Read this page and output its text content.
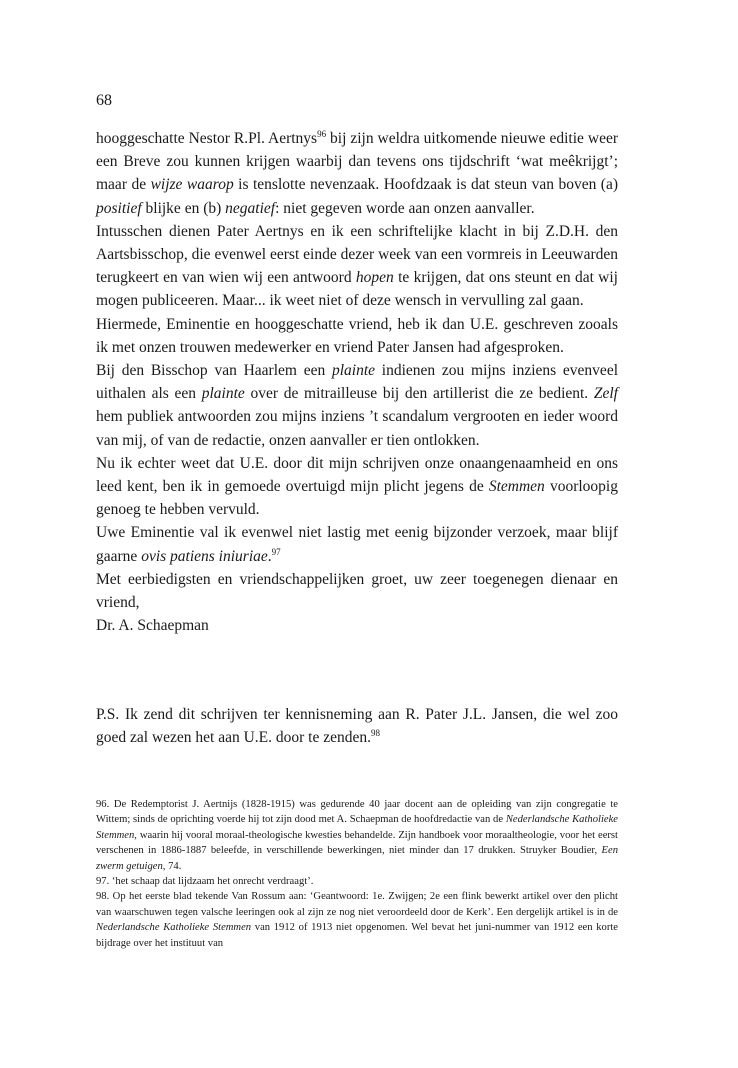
68

hooggeschatte Nestor R.Pl. Aertnys$^{96}$ bij zijn weldra uitkomende nieuwe editie weer een Breve zou kunnen krijgen waarbij dan tevens ons tijdschrift ‘wat meêkrijgt’; maar de wijze waarop is tenslotte nevenzaak. Hoofdzaak is dat steun van boven (a) positief blijke en (b) negatief: niet gegeven worde aan onzen aanvaller.

Intusschen dienen Pater Aertnys en ik een schriftelijke klacht in bij Z.D.H. den Aartsbisschop, die evenwel eerst einde dezer week van een vormreis in Leeuwarden terugkeert en van wien wij een antwoord hopen te krijgen, dat ons steunt en dat wij mogen publiceeren. Maar... ik weet niet of deze wensch in vervulling zal gaan.

Hiermede, Eminentie en hooggeschatte vriend, heb ik dan U.E. geschreven zooals ik met onzen trouwen medewerker en vriend Pater Jansen had afgesproken.

Bij den Bisschop van Haarlem een plainte indienen zou mijns inziens evenveel uithalen als een plainte over de mitrailleuse bij den artillerist die ze bedient. Zelf hem publiek antwoorden zou mijns inziens ’t scandalum vergrooten en ieder woord van mij, of van de redactie, onzen aanvaller er tien ontlokken.

Nu ik echter weet dat U.E. door dit mijn schrijven onze onaangenaamheid en ons leed kent, ben ik in gemoede overtuigd mijn plicht jegens de Stemmen voorloopig genoeg te hebben vervuld.

Uwe Eminentie val ik evenwel niet lastig met eenig bijzonder verzoek, maar blijf gaarne ovis patiens iniuriae.$^{97}$

Met eerbiedigsten en vriendschappelijken groet, uw zeer toegenegen dienaar en vriend,

Dr. A. Schaepman

P.S. Ik zend dit schrijven ter kennisneming aan R. Pater J.L. Jansen, die wel zoo goed zal wezen het aan U.E. door te zenden.$^{98}$

96. De Redemptorist J. Aertnijs (1828-1915) was gedurende 40 jaar docent aan de opleiding van zijn congregatie te Wittem; sinds de oprichting voerde hij tot zijn dood met A. Schaepman de hoofdredactie van de Nederlandsche Katholieke Stemmen, waarin hij vooral moraal-theologische kwesties behandelde. Zijn handboek voor moraaltheologie, voor het eerst verschenen in 1886-1887 beleefde, in verschillende bewerkingen, niet minder dan 17 drukken. Struyker Boudier, Een zwerm getuigen, 74.

97. ‘het schaap dat lijdzaam het onrecht verdraagt’.

98. Op het eerste blad tekende Van Rossum aan: ‘Geantwoord: 1e. Zwijgen; 2e een flink bewerkt artikel over den plicht van waarschuwen tegen valsche leeringen ook al zijn ze nog niet veroordeeld door de Kerk’. Een dergelijk artikel is in de Nederlandsche Katholieke Stemmen van 1912 of 1913 niet opgenomen. Wel bevat het juni-nummer van 1912 een korte bijdrage over het instituut van
